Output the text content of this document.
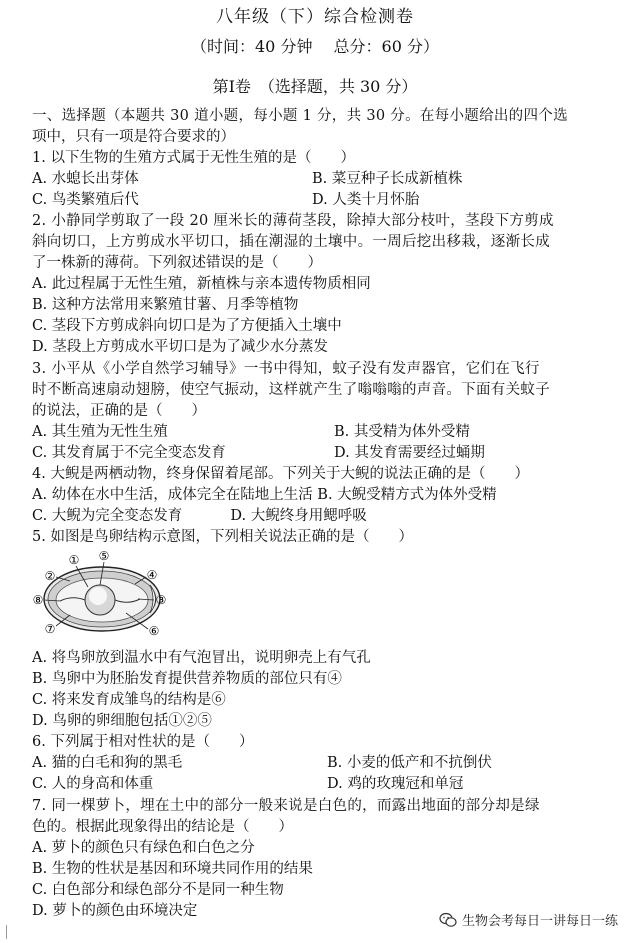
八年级（下）综合检测卷
（时间：40 分钟　 总分：60 分）
第Ⅰ卷　（选择题，共 30 分）
一、选择题（本题共 30 道小题，每小题 1 分，共 30 分。在每小题给出的四个选
项中，只有一项是符合要求的）
1. 以下生物的生殖方式属于无性生殖的是（　　）
A. 水螅长出芽体	B. 菜豆种子长成新植株
C. 鸟类繁殖后代	D. 人类十月怀胎
2. 小静同学剪取了一段 20 厘米长的薄荷茎段，除掉大部分枝叶，茎段下方剪成
斜向切口，上方剪成水平切口，插在潮湿的土壤中。一周后挖出移栽，逐渐长成
了一株新的薄荷。下列叙述错误的是（　　）
A. 此过程属于无性生殖，新植株与亲本遗传物质相同
B. 这种方法常用来繁殖甘薯、月季等植物
C. 茎段下方剪成斜向切口是为了方便插入土壤中
D. 茎段上方剪成水平切口是为了减少水分蒸发
3. 小平从《小学自然学习辅导》一书中得知，蚊子没有发声器官，它们在飞行
时不断高速扇动翅膀，使空气振动，这样就产生了嗡嗡嗡的声音。下面有关蚊子
的说法，正确的是（　　）
A. 其生殖为无性生殖	B. 其受精为体外受精
C. 其发育属于不完全变态发育	D. 其发育需要经过蛹期
4. 大鲵是两栖动物，终身保留着尾部。下列关于大鲵的说法正确的是（　　）
A. 幼体在水中生活，成体完全在陆地上生活 B. 大鲵受精方式为体外受精
C. 大鲵为完全变态发育　　　 D. 大鲵终身用鳃呼吸
5. 如图是鸟卵结构示意图，下列相关说法正确的是（　　）
①
②
③
④
⑤
⑥
⑦
⑧
A. 将鸟卵放到温水中有气泡冒出，说明卵壳上有气孔
B. 鸟卵中为胚胎发育提供营养物质的部位只有④
C. 将来发育成雏鸟的结构是⑥
D. 鸟卵的卵细胞包括①②⑤
6. 下列属于相对性状的是（　　）
A. 猫的白毛和狗的黑毛	B. 小麦的低产和不抗倒伏
C. 人的身高和体重	D. 鸡的玫瑰冠和单冠
7. 同一棵萝卜，埋在土中的部分一般来说是白色的，而露出地面的部分却是绿
色的。根据此现象得出的结论是（　　）
A. 萝卜的颜色只有绿色和白色之分
B. 生物的性状是基因和环境共同作用的结果
C. 白色部分和绿色部分不是同一种生物
D. 萝卜的颜色由环境决定
生物会考每日一讲每日一练
